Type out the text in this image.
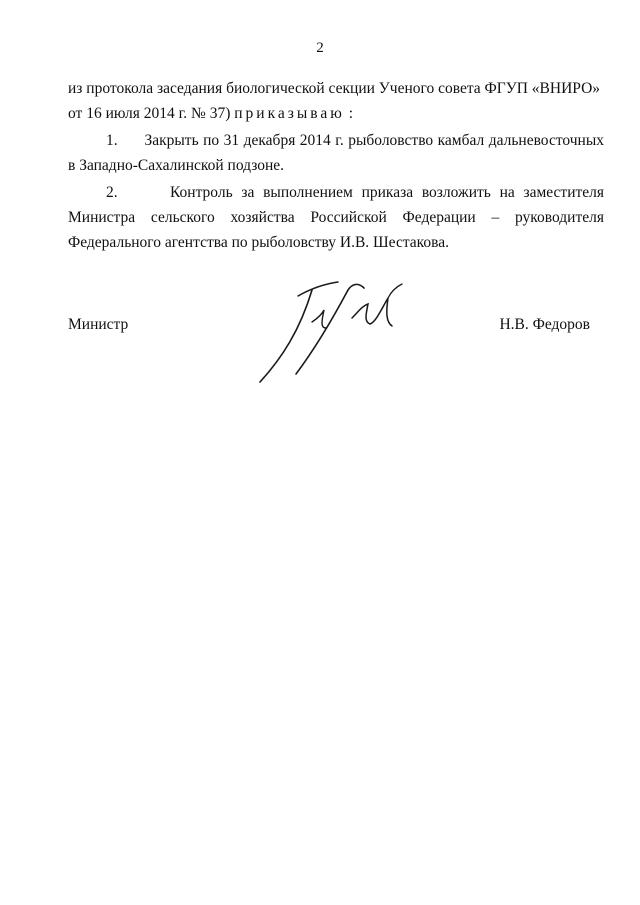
2

из протокола заседания биологической секции Ученого совета ФГУП «ВНИРО»

от 16 июля 2014 г. № 37) приказываю :

1. Закрыть по 31 декабря 2014 г. рыболовство камбал дальневосточных в Западно-Сахалинской подзоне.

2.	Контроль за выполнением приказа возложить на заместителя Министра сельского хозяйства Российской Федерации – руководителя Федерального агентства по рыболовству И.В. Шестакова.

Министр	Н.В. Федоров
